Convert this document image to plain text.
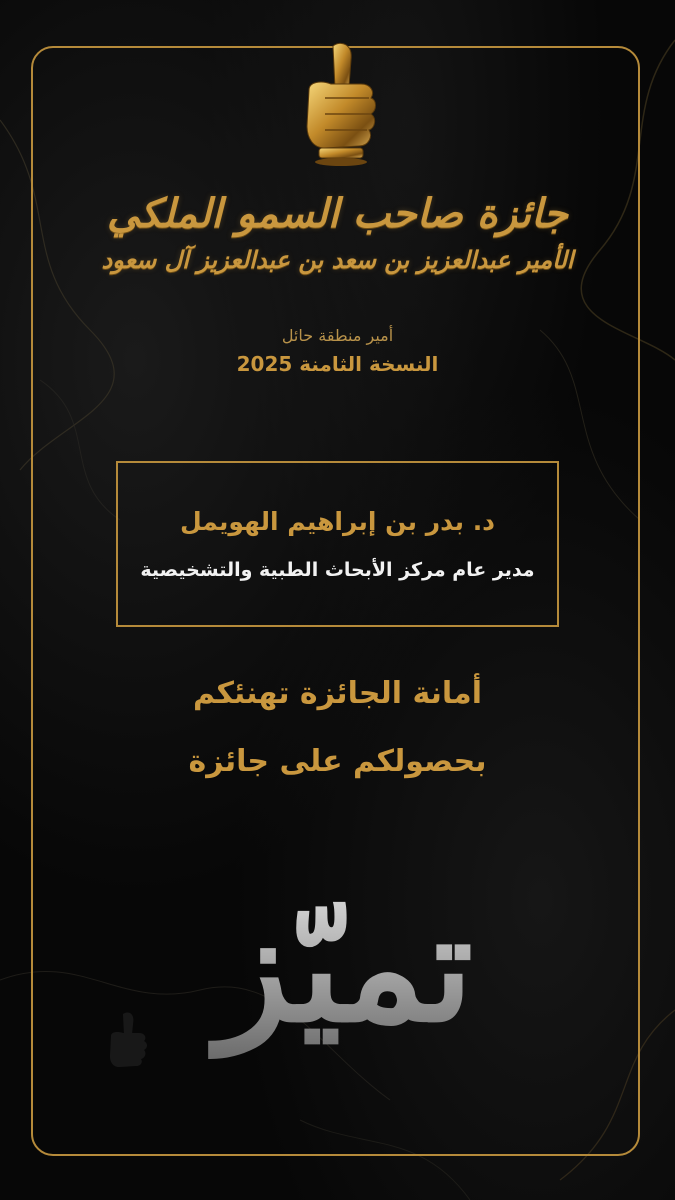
جائزة صاحب السمو الملكي
الأمير عبدالعزيز بن سعد بن عبدالعزيز آل سعود
أمير منطقة حائل
النسخة الثامنة 2025
د. بدر بن إبراهيم الهويمل
مدير عام مركز الأبحاث الطبية والتشخيصية
أمانة الجائزة تهنئكم
بحصولكم على جائزة
تميّز
